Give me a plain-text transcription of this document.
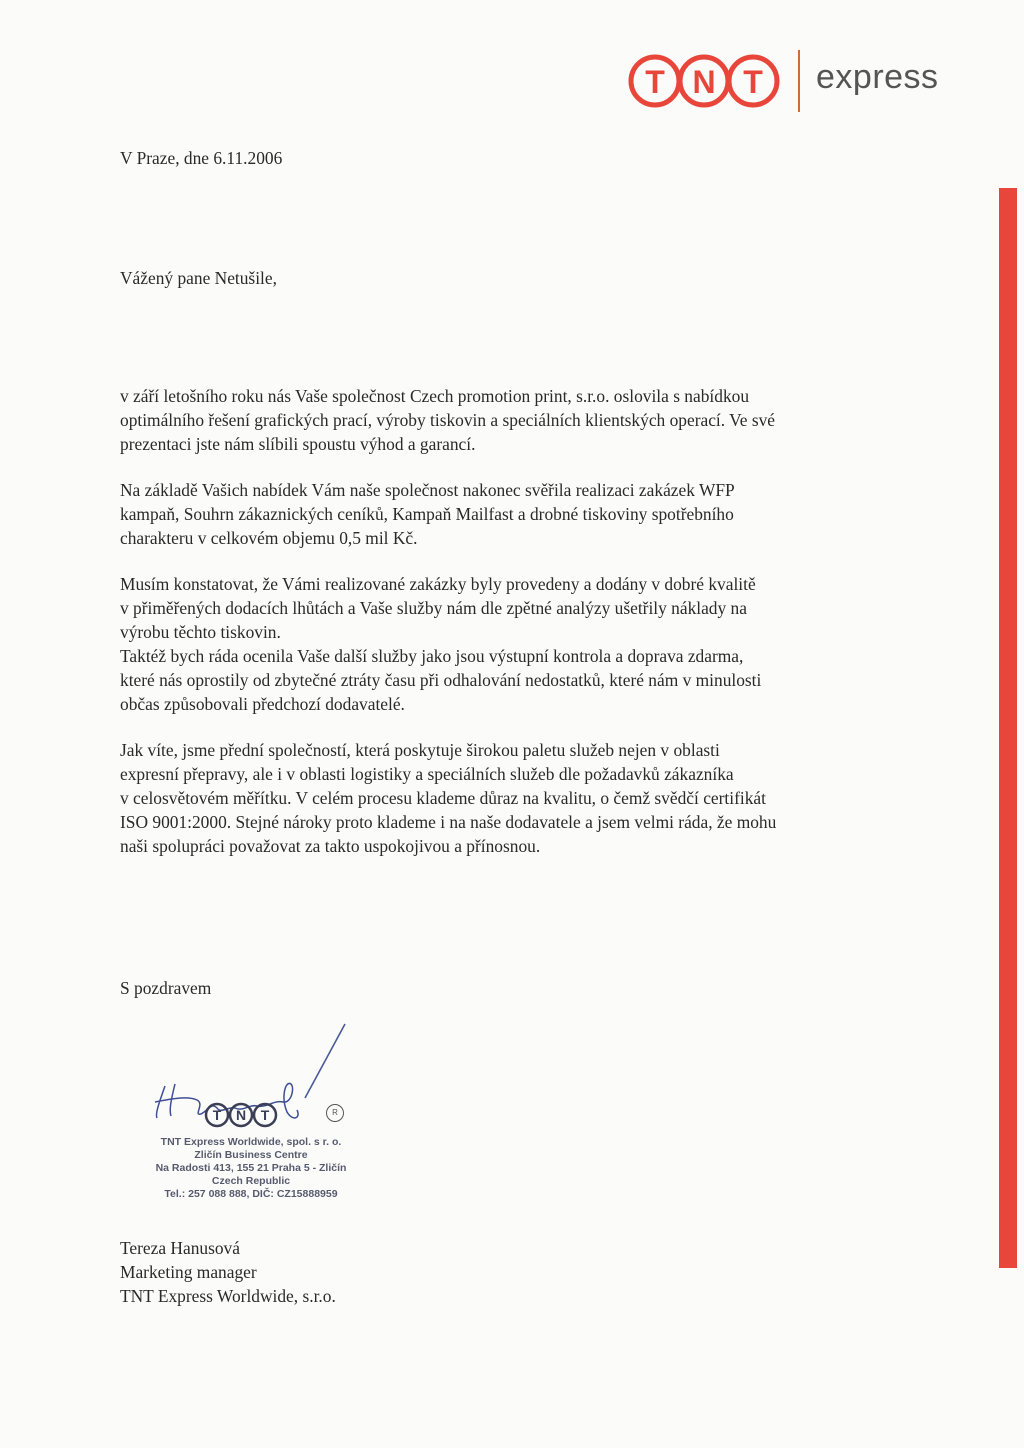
T N T express
V Praze, dne 6.11.2006
Vážený pane Netušile,
v září letošního roku nás Vaše společnost Czech promotion print, s.r.o. oslovila s nabídkou
optimálního řešení grafických prací, výroby tiskovin a speciálních klientských operací. Ve své
prezentaci jste nám slíbili spoustu výhod a garancí.
Na základě Vašich nabídek Vám naše společnost nakonec svěřila realizaci zakázek WFP
kampaň, Souhrn zákaznických ceníků, Kampaň Mailfast a drobné tiskoviny spotřebního
charakteru v celkovém objemu 0,5 mil Kč.
Musím konstatovat, že Vámi realizované zakázky byly provedeny a dodány v dobré kvalitě
v přiměřených dodacích lhůtách a Vaše služby nám dle zpětné analýzy ušetřily náklady na
výrobu těchto tiskovin.
Taktéž bych ráda ocenila Vaše další služby jako jsou výstupní kontrola a doprava zdarma,
které nás oprostily od zbytečné ztráty času při odhalování nedostatků, které nám v minulosti
občas způsobovali předchozí dodavatelé.
Jak víte, jsme přední společností, která poskytuje širokou paletu služeb nejen v oblasti
expresní přepravy, ale i v oblasti logistiky a speciálních služeb dle požadavků zákazníka
v celosvětovém měřítku. V celém procesu klademe důraz na kvalitu, o čemž svědčí certifikát
ISO 9001:2000. Stejné nároky proto klademe i na naše dodavatele a jsem velmi ráda, že mohu
naši spolupráci považovat za takto uspokojivou a přínosnou.
S pozdravem
T N T	R
TNT Express Worldwide, spol. s r. o.
Zličín Business Centre
Na Radosti 413, 155 21 Praha 5 - Zličín
Czech Republic
Tel.: 257 088 888, DIČ: CZ15888959
Tereza Hanusová
Marketing manager
TNT Express Worldwide, s.r.o.
